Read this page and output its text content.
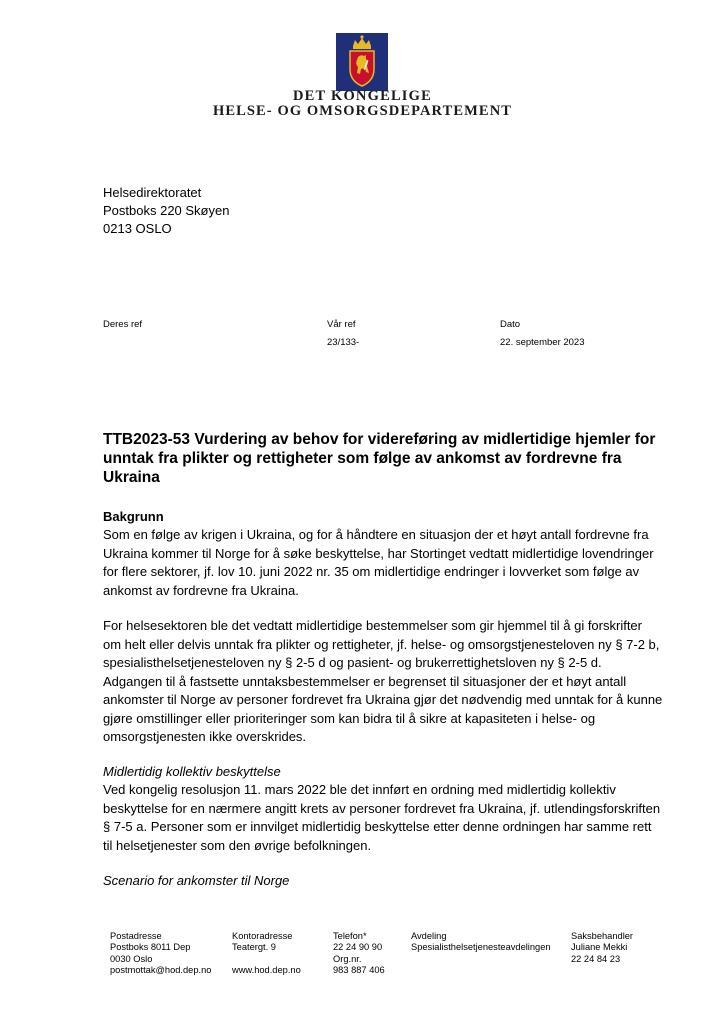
DET KONGELIGE
HELSE- OG OMSORGSDEPARTEMENT
Helsedirektoratet
Postboks 220 Skøyen
0213 OSLO
Deres ref	Vår ref
23/133-
Dato
22. september 2023
TTB2023-53 Vurdering av behov for videreføring av midlertidige hjemler for unntak fra plikter og rettigheter som følge av ankomst av fordrevne fra Ukraina
Bakgrunn

Som en følge av krigen i Ukraina, og for å håndtere en situasjon der et høyt antall fordrevne fra Ukraina kommer til Norge for å søke beskyttelse, har Stortinget vedtatt midlertidige lovendringer for flere sektorer, jf. lov 10. juni 2022 nr. 35 om midlertidige endringer i lovverket som følge av ankomst av fordrevne fra Ukraina.

For helsesektoren ble det vedtatt midlertidige bestemmelser som gir hjemmel til å gi forskrifter om helt eller delvis unntak fra plikter og rettigheter, jf. helse- og omsorgstjenesteloven ny § 7-2 b, spesialisthelsetjenesteloven ny § 2-5 d og pasient- og brukerrettighetsloven ny § 2-5 d. Adgangen til å fastsette unntaksbestemmelser er begrenset til situasjoner der et høyt antall ankomster til Norge av personer fordrevet fra Ukraina gjør det nødvendig med unntak for å kunne gjøre omstillinger eller prioriteringer som kan bidra til å sikre at kapasiteten i helse- og omsorgstjenesten ikke overskrides.

Midlertidig kollektiv beskyttelse

Ved kongelig resolusjon 11. mars 2022 ble det innført en ordning med midlertidig kollektiv beskyttelse for en nærmere angitt krets av personer fordrevet fra Ukraina, jf. utlendingsforskriften § 7-5 a. Personer som er innvilget midlertidig beskyttelse etter denne ordningen har samme rett til helsetjenester som den øvrige befolkningen.

Scenario for ankomster til Norge
Postadresse
Postboks 8011 Dep
0030 Oslo
postmottak@hod.dep.no
Kontoradresse
Teatergt. 9
www.hod.dep.no
Telefon*
22 24 90 90
Org.nr.
983 887 406
Avdeling
Spesialisthelsetjenesteavdelingen
Saksbehandler
Juliane Mekki
22 24 84 23
